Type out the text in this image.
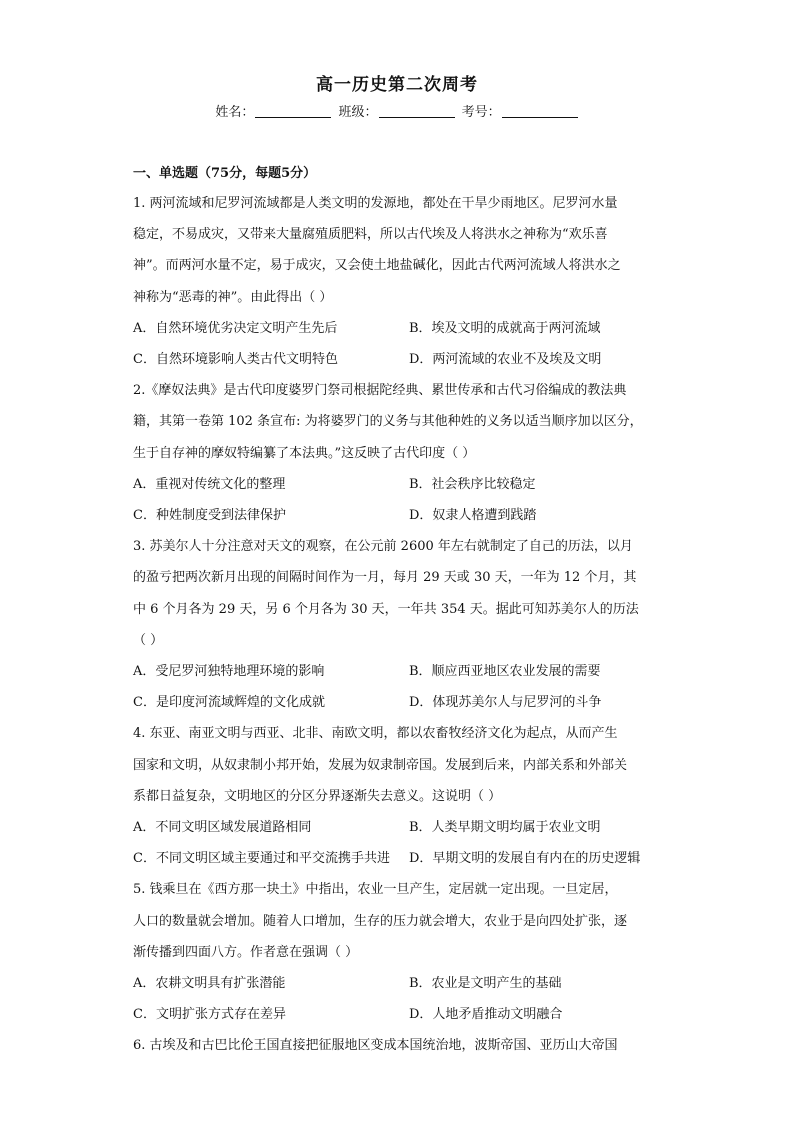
高一历史第二次周考
姓名：	班级：	考号：
一、单选题（75分，每题5分）
1. 两河流域和尼罗河流域都是人类文明的发源地，都处在干旱少雨地区。尼罗河水量
稳定，不易成灾，又带来大量腐殖质肥料，所以古代埃及人将洪水之神称为“欢乐喜
神”。而两河水量不定，易于成灾，又会使土地盐碱化，因此古代两河流域人将洪水之
神称为“恶毒的神”。由此得出（ ）
A．自然环境优劣决定文明产生先后	B．埃及文明的成就高于两河流域
C．自然环境影响人类古代文明特色	D．两河流域的农业不及埃及文明
2.《摩奴法典》是古代印度婆罗门祭司根据陀经典、累世传承和古代习俗编成的教法典
籍，其第一卷第 102 条宣布: 为将婆罗门的义务与其他种姓的义务以适当顺序加以区分，
生于自存神的摩奴特编纂了本法典。”这反映了古代印度（ ）
A．重视对传统文化的整理	B．社会秩序比较稳定
C．种姓制度受到法律保护	D．奴隶人格遭到践踏
3. 苏美尔人十分注意对天文的观察，在公元前 2600 年左右就制定了自己的历法，以月
的盈亏把两次新月出现的间隔时间作为一月，每月 29 天或 30 天，一年为 12 个月，其
中 6 个月各为 29 天，另 6 个月各为 30 天，一年共 354 天。据此可知苏美尔人的历法
（ ）
A．受尼罗河独特地理环境的影响	B．顺应西亚地区农业发展的需要
C．是印度河流域辉煌的文化成就	D．体现苏美尔人与尼罗河的斗争
4. 东亚、南亚文明与西亚、北非、南欧文明，都以农畜牧经济文化为起点，从而产生
国家和文明，从奴隶制小邦开始，发展为奴隶制帝国。发展到后来，内部关系和外部关
系都日益复杂，文明地区的分区分界逐渐失去意义。这说明（ ）
A．不同文明区域发展道路相同	B．人类早期文明均属于农业文明
C．不同文明区域主要通过和平交流携手共进	D．早期文明的发展自有内在的历史逻辑
5. 钱乘旦在《西方那一块土》中指出，农业一旦产生，定居就一定出现。一旦定居，
人口的数量就会增加。随着人口增加，生存的压力就会增大，农业于是向四处扩张，逐
渐传播到四面八方。作者意在强调（ ）
A．农耕文明具有扩张潜能	B．农业是文明产生的基础
C．文明扩张方式存在差异	D．人地矛盾推动文明融合
6. 古埃及和古巴比伦王国直接把征服地区变成本国统治地，波斯帝国、亚历山大帝国
